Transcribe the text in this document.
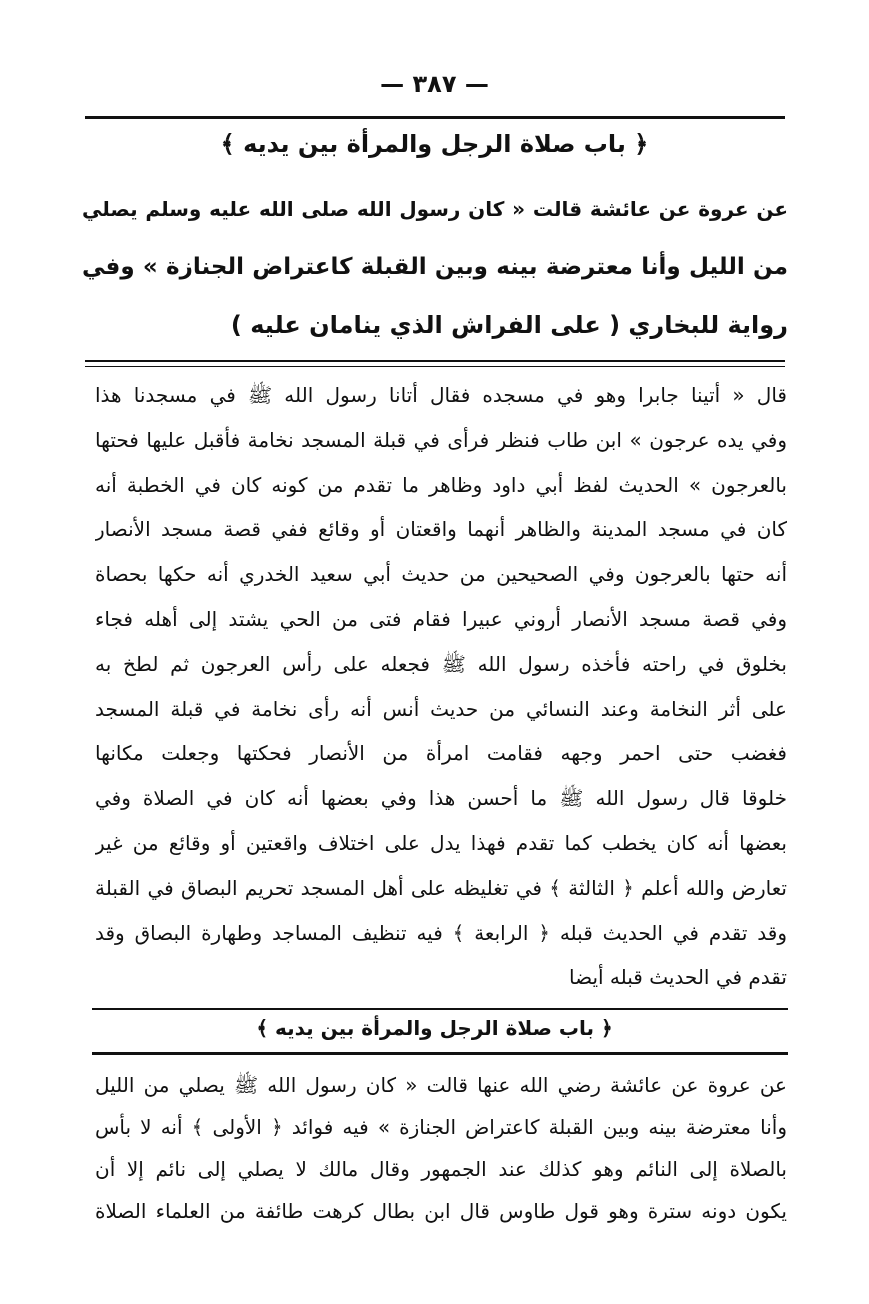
— ٣٨٧ —
﴿ باب صلاة الرجل والمرأة بين يديه ﴾
عن عروة عن عائشة قالت « كان رسول الله صلى الله عليه وسلم يصلي
من الليل وأنا معترضة بينه وبين القبلة كاعتراض الجنازة » وفي
رواية للبخاري ( على الفراش الذي ينامان عليه )
قال « أتينا جابرا وهو في مسجده فقال أتانا رسول الله ﷺ في مسجدنا هذا
وفي يده عرجون » ابن طاب فنظر فرأى في قبلة المسجد نخامة فأقبل عليها فحتها
بالعرجون » الحديث لفظ أبي داود وظاهر ما تقدم من كونه كان في الخطبة أنه
كان في مسجد المدينة والظاهر أنهما واقعتان أو وقائع ففي قصة مسجد الأنصار
أنه حتها بالعرجون وفي الصحيحين من حديث أبي سعيد الخدري أنه حكها بحصاة
وفي قصة مسجد الأنصار أروني عبيرا فقام فتى من الحي يشتد إلى أهله فجاء
بخلوق في راحته فأخذه رسول الله ﷺ فجعله على رأس العرجون ثم لطخ به
على أثر النخامة وعند النسائي من حديث أنس أنه رأى نخامة في قبلة المسجد
فغضب حتى احمر وجهه فقامت امرأة من الأنصار فحكتها وجعلت مكانها
خلوقا قال رسول الله ﷺ ما أحسن هذا وفي بعضها أنه كان في الصلاة وفي
بعضها أنه كان يخطب كما تقدم فهذا يدل على اختلاف واقعتين أو وقائع من غير
تعارض والله أعلم ﴿ الثالثة ﴾ في تغليظه على أهل المسجد تحريم البصاق في القبلة
وقد تقدم في الحديث قبله ﴿ الرابعة ﴾ فيه تنظيف المساجد وطهارة البصاق وقد
تقدم في الحديث قبله أيضا
﴿ باب صلاة الرجل والمرأة بين يديه ﴾
عن عروة عن عائشة رضي الله عنها قالت « كان رسول الله ﷺ يصلي من الليل
وأنا معترضة بينه وبين القبلة كاعتراض الجنازة » فيه فوائد ﴿ الأولى ﴾ أنه لا بأس
بالصلاة إلى النائم وهو كذلك عند الجمهور وقال مالك لا يصلي إلى نائم إلا أن
يكون دونه سترة وهو قول طاوس قال ابن بطال كرهت طائفة من العلماء الصلاة
